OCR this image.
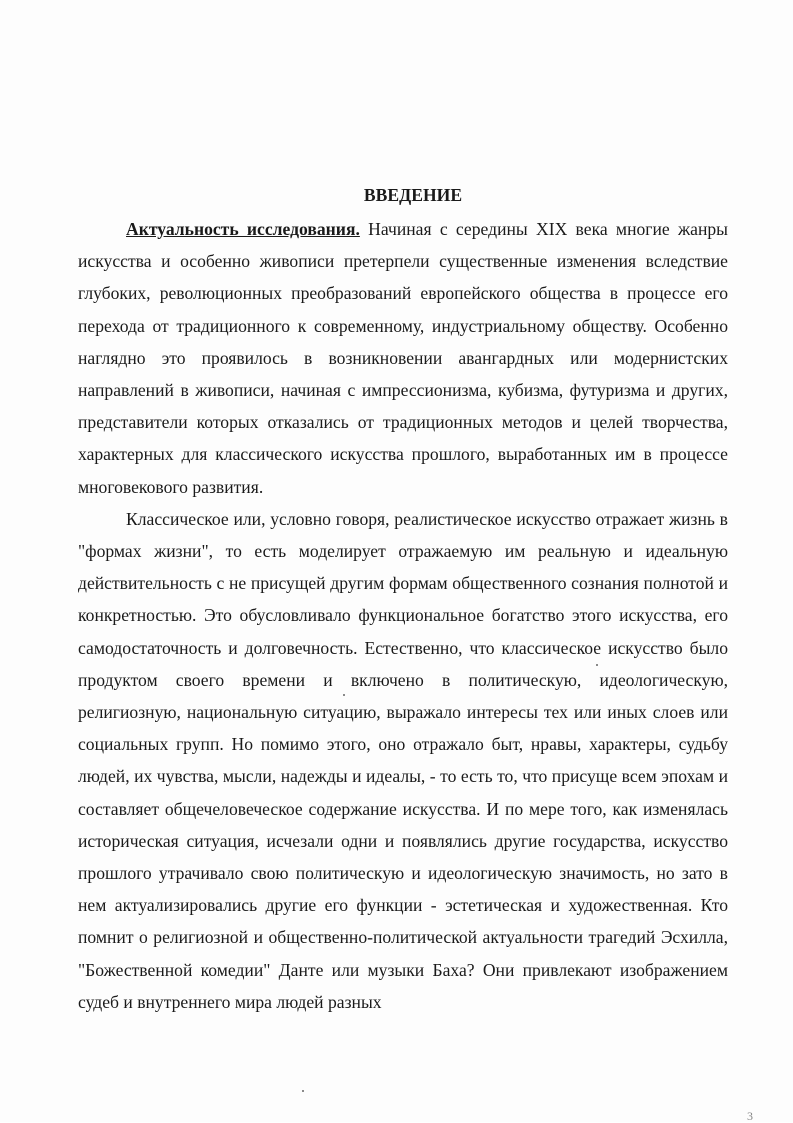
ВВЕДЕНИЕ

Актуальность исследования. Начиная с середины XIX века многие жанры искусства и особенно живописи претерпели существенные изменения вследствие глубоких, революционных преобразований европейского общества в процессе его перехода от традиционного к современному, индустриальному обществу. Особенно наглядно это проявилось в возникновении авангардных или модернистских направлений в живописи, начиная с импрессионизма, кубизма, футуризма и других, представители которых отказались от традиционных методов и целей творчества, характерных для классического искусства прошлого, выработанных им в процессе многовекового развития.

Классическое или, условно говоря, реалистическое искусство отражает жизнь в "формах жизни", то есть моделирует отражаемую им реальную и идеальную действительность с не присущей другим формам общественного сознания полнотой и конкретностью. Это обусловливало функциональное богатство этого искусства, его самодостаточность и долговечность. Естественно, что классическое искусство было продуктом своего времени и включено в политическую, идеологическую, религиозную, национальную ситуацию, выражало интересы тех или иных слоев или социальных групп. Но помимо этого, оно отражало быт, нравы, характеры, судьбу людей, их чувства, мысли, надежды и идеалы, - то есть то, что присуще всем эпохам и составляет общечеловеческое содержание искусства. И по мере того, как изменялась историческая ситуация, исчезали одни и появлялись другие государства, искусство прошлого утрачивало свою политическую и идеологическую значимость, но зато в нем актуализировались другие его функции - эстетическая и художественная. Кто помнит о религиозной и общественно-политической актуальности трагедий Эсхилла, "Божественной комедии" Данте или музыки Баха? Они привлекают изображением судеб и внутреннего мира людей разных

3
